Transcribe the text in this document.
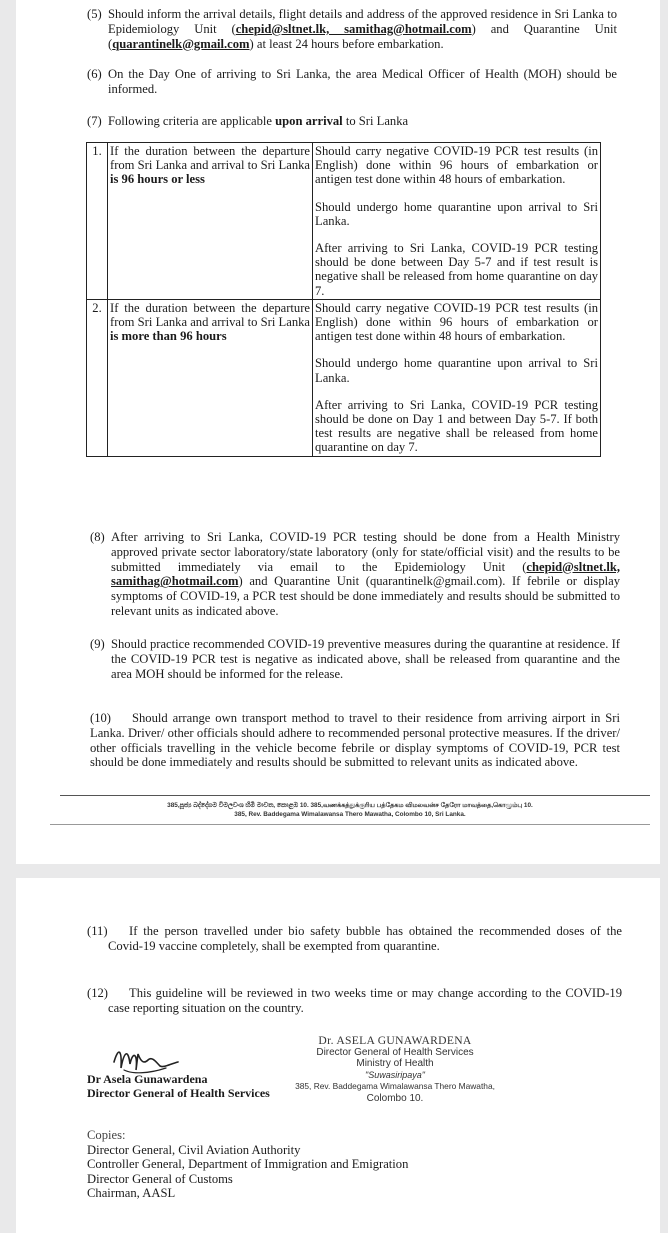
(5) Should inform the arrival details, flight details and address of the approved residence in Sri Lanka to Epidemiology Unit (chepid@sltnet.lk, samithag@hotmail.com) and Quarantine Unit (quarantinelk@gmail.com) at least 24 hours before embarkation.
(6) On the Day One of arriving to Sri Lanka, the area Medical Officer of Health (MOH) should be informed.
(7) Following criteria are applicable upon arrival to Sri Lanka
1.	If the duration between the departure from Sri Lanka and arrival to Sri Lanka is 96 hours or less	Should carry negative COVID-19 PCR test results (in English) done within 96 hours of embarkation or antigen test done within 48 hours of embarkation.

Should undergo home quarantine upon arrival to Sri Lanka.

After arriving to Sri Lanka, COVID-19 PCR testing should be done between Day 5-7 and if test result is negative shall be released from home quarantine on day 7.

2.	If the duration between the departure from Sri Lanka and arrival to Sri Lanka is more than 96 hours	Should carry negative COVID-19 PCR test results (in English) done within 96 hours of embarkation or antigen test done within 48 hours of embarkation.

Should undergo home quarantine upon arrival to Sri Lanka.

After arriving to Sri Lanka, COVID-19 PCR testing should be done on Day 1 and between Day 5-7. If both test results are negative shall be released from home quarantine on day 7.

(8) After arriving to Sri Lanka, COVID-19 PCR testing should be done from a Health Ministry approved private sector laboratory/state laboratory (only for state/official visit) and the results to be submitted immediately via email to the Epidemiology Unit (chepid@sltnet.lk, samithag@hotmail.com) and Quarantine Unit (quarantinelk@gmail.com). If febrile or display symptoms of COVID-19, a PCR test should be done immediately and results should be submitted to relevant units as indicated above.
(9) Should practice recommended COVID-19 preventive measures during the quarantine at residence. If the COVID-19 PCR test is negative as indicated above, shall be released from quarantine and the area MOH should be informed for the release.
(10)	Should arrange own transport method to travel to their residence from arriving airport in Sri Lanka. Driver/ other officials should adhere to recommended personal protective measures. If the driver/ other officials travelling in the vehicle become febrile or display symptoms of COVID-19, PCR test should be done immediately and results should be submitted to relevant units as indicated above.
385,පූජ්‍ය බද්දේගම විමලවංශ හිමි මාවත, කොළඹ 10. 385,வணக்கத்துக்குரிய பத்தேகம விமலவன்ச தேரோ மாவத்தை,கொழும்பு 10.
385, Rev. Baddegama Wimalawansa Thero Mawatha, Colombo 10, Sri Lanka.
(11)	If the person travelled under bio safety bubble has obtained the recommended doses of the Covid-19 vaccine completely, shall be exempted from quarantine.
(12)	This guideline will be reviewed in two weeks time or may change according to the COVID-19 case reporting situation on the country.
Dr Asela Gunawardena
Director General of Health Services
Dr. ASELA GUNAWARDENA
Director General of Health Services
Ministry of Health
"Suwasiripaya"
385, Rev. Baddegama Wimalawansa Thero Mawatha,
Colombo 10.
Copies:
Director General, Civil Aviation Authority
Controller General, Department of Immigration and Emigration
Director General of Customs
Chairman, AASL
